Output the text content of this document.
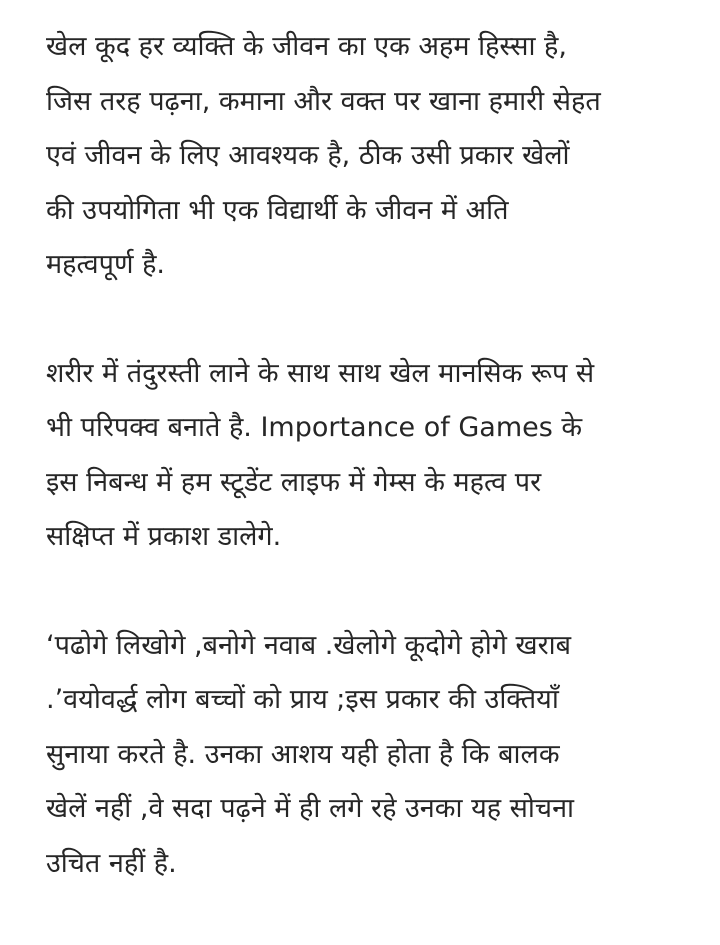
खेल कूद हर व्यक्ति के जीवन का एक अहम हिस्सा है,
जिस तरह पढ़ना, कमाना और वक्त पर खाना हमारी सेहत
एवं जीवन के लिए आवश्यक है, ठीक उसी प्रकार खेलों
की उपयोगिता भी एक विद्यार्थी के जीवन में अति
महत्वपूर्ण है.

शरीर में तंदुरस्ती लाने के साथ साथ खेल मानसिक रूप से
भी परिपक्व बनाते है. Importance of Games के
इस निबन्ध में हम स्टूडेंट लाइफ में गेम्स के महत्व पर
सक्षिप्त में प्रकाश डालेगे.

‘पढोगे लिखोगे ,बनोगे नवाब .खेलोगे कूदोगे होगे खराब
.’वयोवर्द्ध लोग बच्चों को प्राय ;इस प्रकार की उक्तियाँ
सुनाया करते है. उनका आशय यही होता है कि बालक
खेलें नहीं ,वे सदा पढ़ने में ही लगे रहे उनका यह सोचना
उचित नहीं है.
